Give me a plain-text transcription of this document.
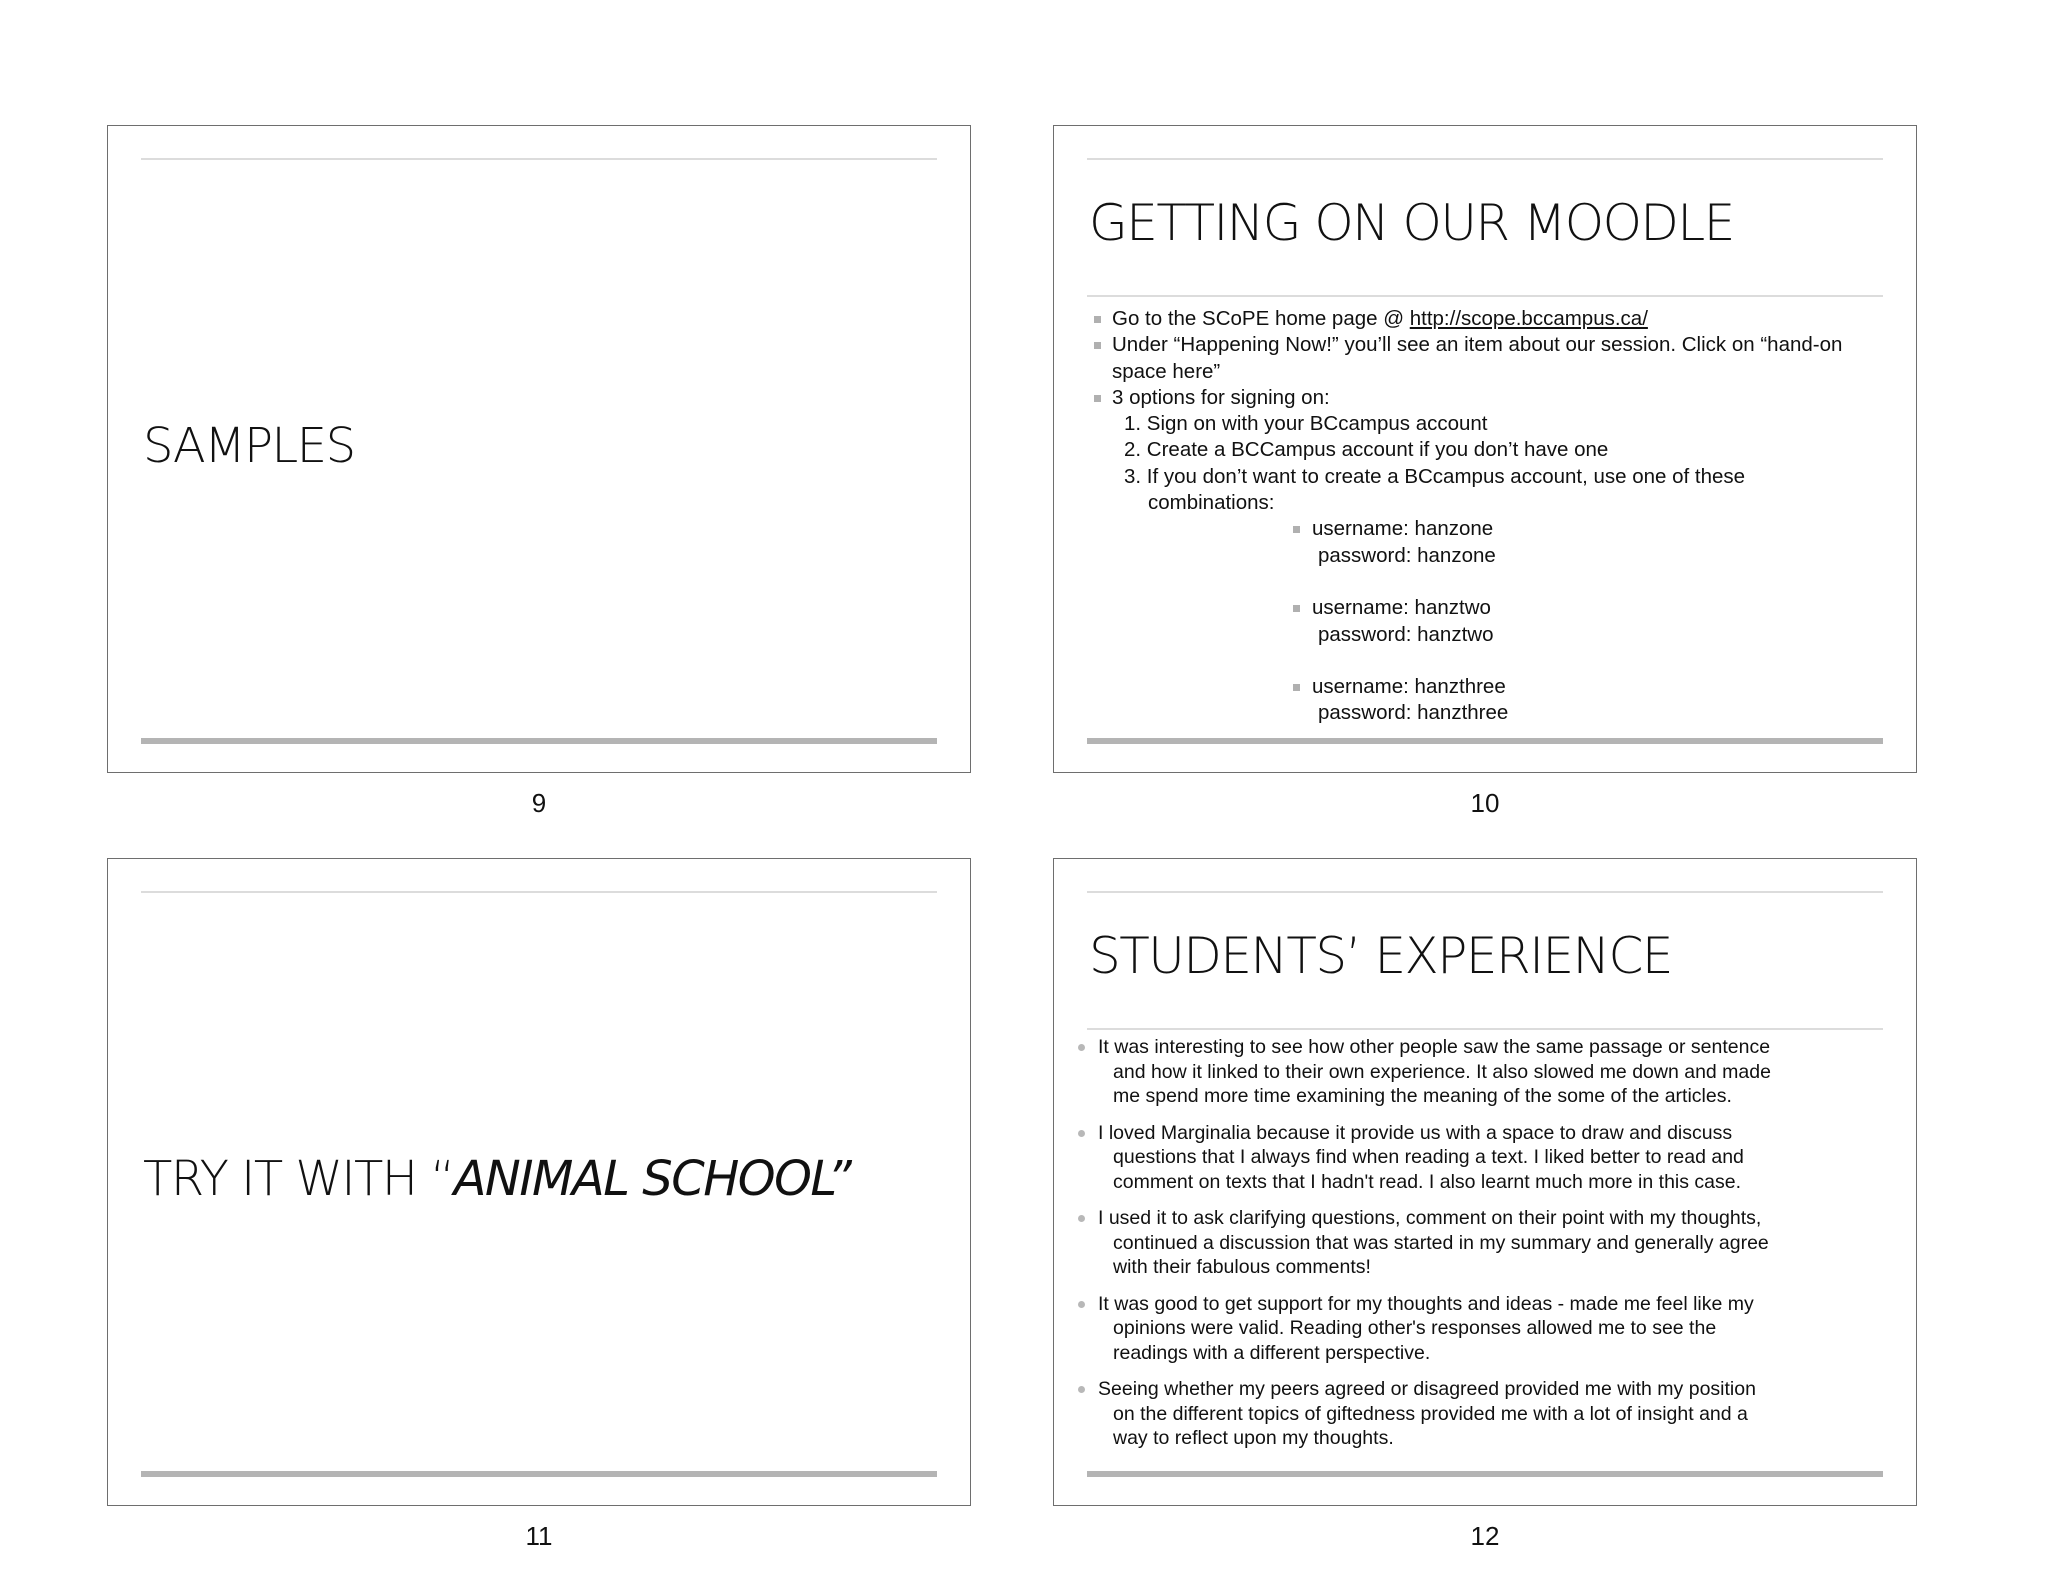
SAMPLES
9
GETTING ON OUR MOODLE
Go to the SCoPE home page @ http://scope.bccampus.ca/
Under “Happening Now!” you’ll see an item about our session. Click on “hand-on
space here”
3 options for signing on:
1. Sign on with your BCcampus account
2. Create a BCCampus account if you don’t have one
3. If you don’t want to create a BCcampus account, use one of these
combinations:
username: hanzone
password: hanzone
username: hanztwo
password: hanztwo
username: hanzthree
password: hanzthree
10
TRY IT WITH “ANIMAL SCHOOL”
11
STUDENTS’ EXPERIENCE
It was interesting to see how other people saw the same passage or sentence
and how it linked to their own experience. It also slowed me down and made
me spend more time examining the meaning of the some of the articles.
I loved Marginalia because it provide us with a space to draw and discuss
questions that I always find when reading a text. I liked better to read and
comment on texts that I hadn't read. I also learnt much more in this case.
I used it to ask clarifying questions, comment on their point with my thoughts,
continued a discussion that was started in my summary and generally agree
with their fabulous comments!
It was good to get support for my thoughts and ideas - made me feel like my
opinions were valid. Reading other's responses allowed me to see the
readings with a different perspective.
Seeing whether my peers agreed or disagreed provided me with my position
on the different topics of giftedness provided me with a lot of insight and a
way to reflect upon my thoughts.
12
